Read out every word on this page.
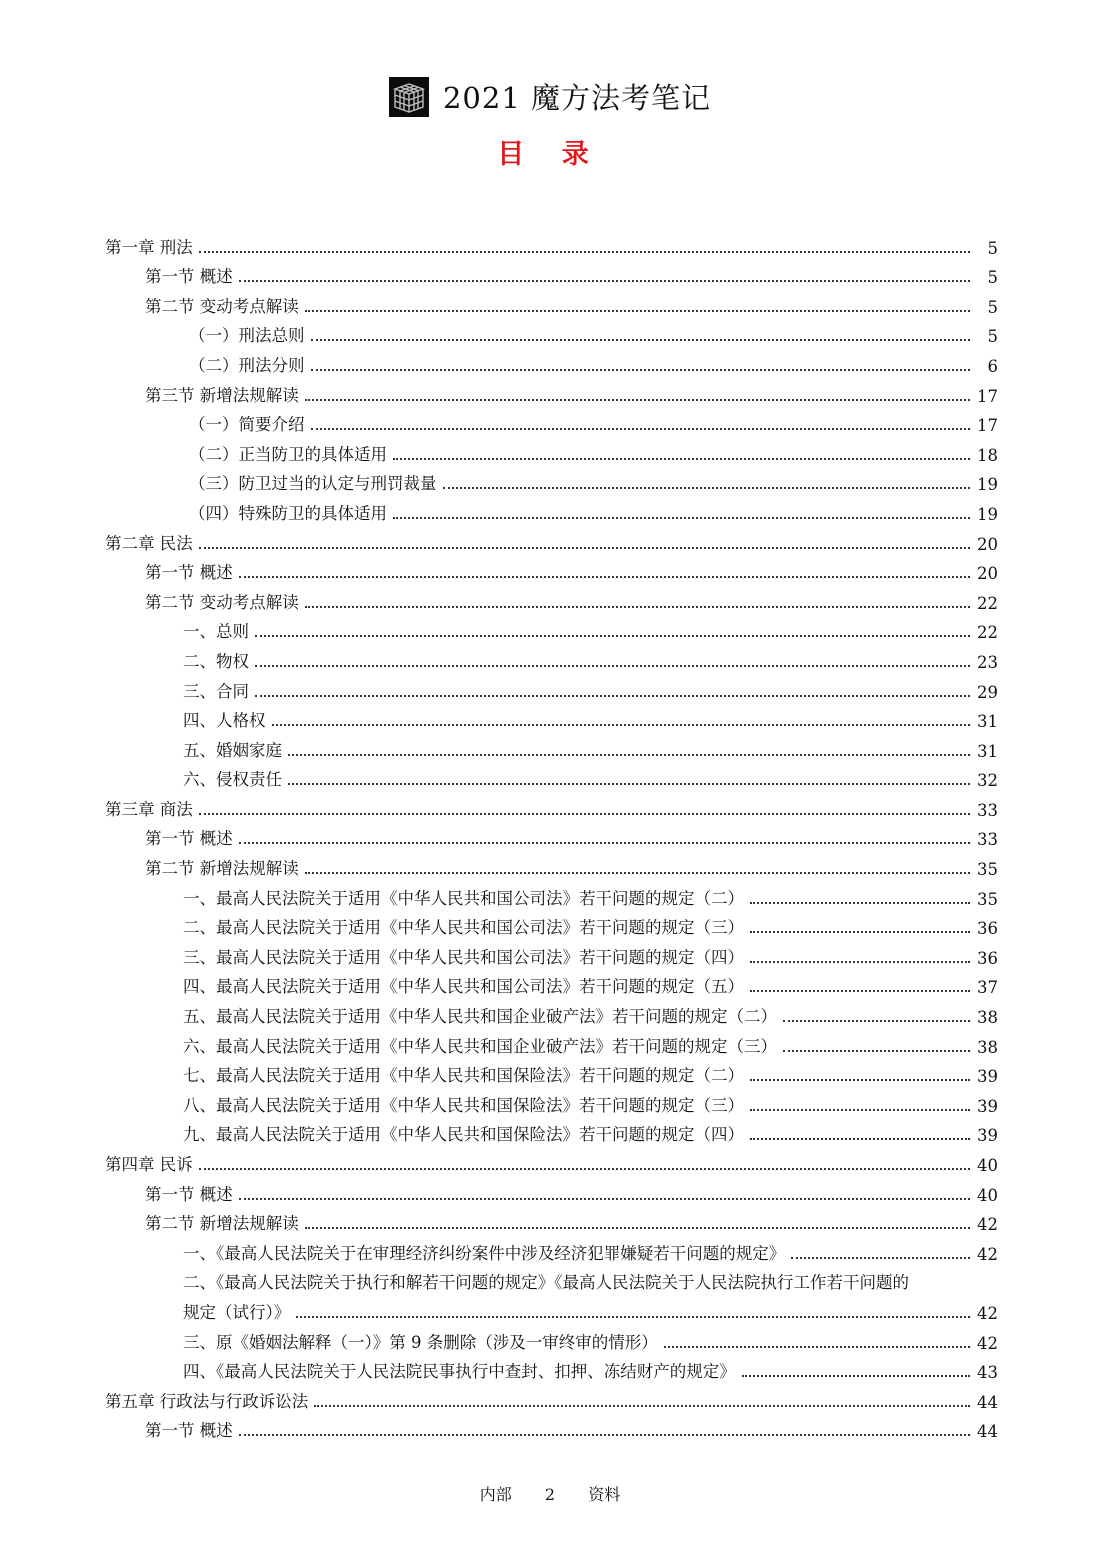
2021 魔方法考笔记
目 录
第一章 刑法	5
第一节 概述	5
第二节 变动考点解读	5
（一）刑法总则	5
（二）刑法分则	6
第三节 新增法规解读	17
（一）简要介绍	17
（二）正当防卫的具体适用	18
（三）防卫过当的认定与刑罚裁量	19
（四）特殊防卫的具体适用	19
第二章 民法	20
第一节 概述	20
第二节 变动考点解读	22
一、总则	22
二、物权	23
三、合同	29
四、人格权	31
五、婚姻家庭	31
六、侵权责任	32
第三章 商法	33
第一节 概述	33
第二节 新增法规解读	35
一、最高人民法院关于适用《中华人民共和国公司法》若干问题的规定（二）	35
二、最高人民法院关于适用《中华人民共和国公司法》若干问题的规定（三）	36
三、最高人民法院关于适用《中华人民共和国公司法》若干问题的规定（四）	36
四、最高人民法院关于适用《中华人民共和国公司法》若干问题的规定（五）	37
五、最高人民法院关于适用《中华人民共和国企业破产法》若干问题的规定（二）	38
六、最高人民法院关于适用《中华人民共和国企业破产法》若干问题的规定（三）	38
七、最高人民法院关于适用《中华人民共和国保险法》若干问题的规定（二）	39
八、最高人民法院关于适用《中华人民共和国保险法》若干问题的规定（三）	39
九、最高人民法院关于适用《中华人民共和国保险法》若干问题的规定（四）	39
第四章 民诉	40
第一节 概述	40
第二节 新增法规解读	42
一、《最高人民法院关于在审理经济纠纷案件中涉及经济犯罪嫌疑若干问题的规定》	42
二、《最高人民法院关于执行和解若干问题的规定》《最高人民法院关于人民法院执行工作若干问题的
规定（试行）》	42
三、原《婚姻法解释（一）》第 9 条删除（涉及一审终审的情形）	42
四、《最高人民法院关于人民法院民事执行中查封、扣押、冻结财产的规定》	43
第五章 行政法与行政诉讼法	44
第一节 概述	44
内部 2 资料
